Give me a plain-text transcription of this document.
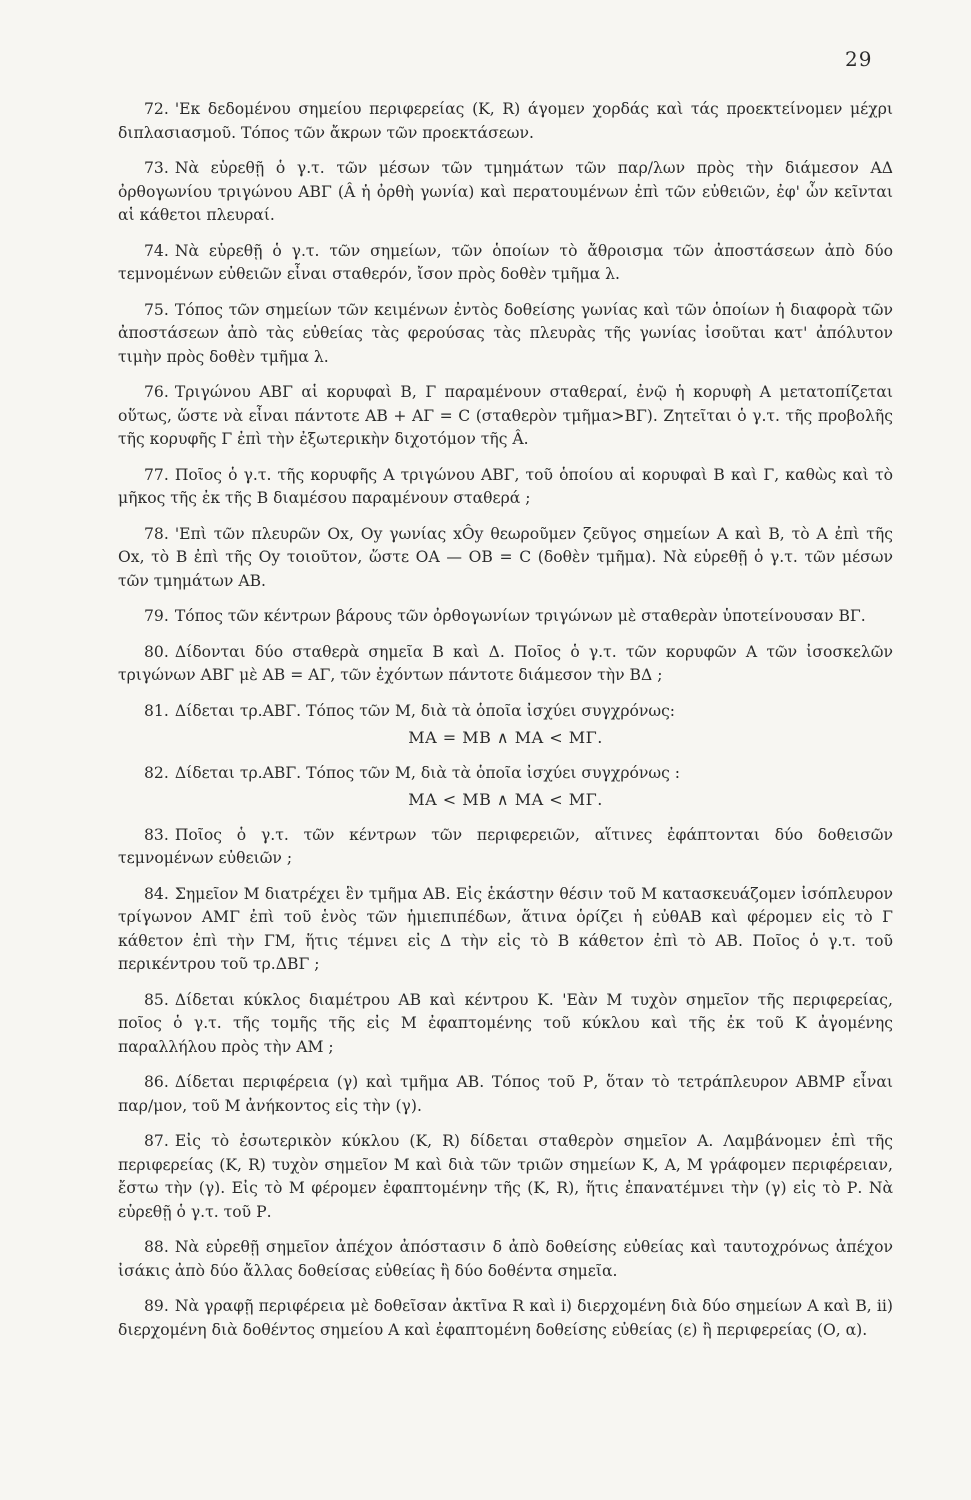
29

72. 'Εκ δεδομένου σημείου περιφερείας (Κ, R) άγομεν χορδάς καὶ τάς προεκτείνομεν μέχρι διπλασιασμοῦ. Τόπος τῶν ἄκρων τῶν προεκτάσεων.

73. Νὰ εὑρεθῇ ὁ γ.τ. τῶν μέσων τῶν τμημάτων τῶν παρ/λων πρὸς τὴν διάμεσον ΑΔ ὀρθογωνίου τριγώνου ΑΒΓ (Â ἡ ὀρθὴ γωνία) καὶ περατουμένων ἐπὶ τῶν εὐθειῶν, ἐφ' ὧν κεῖνται αἱ κάθετοι πλευραί.

74. Νὰ εὑρεθῇ ὁ γ.τ. τῶν σημείων, τῶν ὁποίων τὸ ἄθροισμα τῶν ἀποστάσεων ἀπὸ δύο τεμνομένων εὐθειῶν εἶναι σταθερόν, ἴσον πρὸς δοθὲν τμῆμα λ.

75. Τόπος τῶν σημείων τῶν κειμένων ἐντὸς δοθείσης γωνίας καὶ τῶν ὁποίων ἡ διαφορὰ τῶν ἀποστάσεων ἀπὸ τὰς εὐθείας τὰς φερούσας τὰς πλευρὰς τῆς γωνίας ἰσοῦται κατ' ἀπόλυτον τιμὴν πρὸς δοθὲν τμῆμα λ.

76. Τριγώνου ΑΒΓ αἱ κορυφαὶ Β, Γ παραμένουν σταθεραί, ἐνῷ ἡ κορυφὴ Α μετατοπίζεται οὕτως, ὥστε νὰ εἶναι πάντοτε ΑΒ + ΑΓ = C (σταθερὸν τμῆμα>ΒΓ). Ζητεῖται ὁ γ.τ. τῆς προβολῆς τῆς κορυφῆς Γ ἐπὶ τὴν ἐξωτερικὴν διχοτόμον τῆς Â.

77. Ποῖος ὁ γ.τ. τῆς κορυφῆς Α τριγώνου ΑΒΓ, τοῦ ὁποίου αἱ κορυφαὶ Β καὶ Γ, καθὼς καὶ τὸ μῆκος τῆς ἐκ τῆς Β διαμέσου παραμένουν σταθερά ;

78. 'Επὶ τῶν πλευρῶν Οx, Οy γωνίας xÔy θεωροῦμεν ζεῦγος σημείων Α καὶ Β, τὸ Α ἐπὶ τῆς Οx, τὸ Β ἐπὶ τῆς Οy τοιοῦτον, ὥστε ΟΑ — ΟΒ = C (δοθὲν τμῆμα). Νὰ εὑρεθῇ ὁ γ.τ. τῶν μέσων τῶν τμημάτων ΑΒ.

79. Τόπος τῶν κέντρων βάρους τῶν ὀρθογωνίων τριγώνων μὲ σταθερὰν ὑποτείνουσαν ΒΓ.

80. Δίδονται δύο σταθερὰ σημεῖα Β καὶ Δ. Ποῖος ὁ γ.τ. τῶν κορυφῶν Α τῶν ἰσοσκελῶν τριγώνων ΑΒΓ μὲ ΑΒ = ΑΓ, τῶν ἐχόντων πάντοτε διάμεσον τὴν ΒΔ ;

81. Δίδεται τρ.ΑΒΓ. Τόπος τῶν Μ, διὰ τὰ ὁποῖα ἰσχύει συγχρόνως:
ΜΑ = ΜΒ ∧ ΜΑ < ΜΓ.

82. Δίδεται τρ.ΑΒΓ. Τόπος τῶν Μ, διὰ τὰ ὁποῖα ἰσχύει συγχρόνως :
ΜΑ < ΜΒ ∧ ΜΑ < ΜΓ.

83. Ποῖος ὁ γ.τ. τῶν κέντρων τῶν περιφερειῶν, αἵτινες ἐφάπτονται δύο δοθεισῶν τεμνομένων εὐθειῶν ;

84. Σημεῖον Μ διατρέχει ἓν τμῆμα ΑΒ. Εἰς ἑκάστην θέσιν τοῦ Μ κατασκευάζομεν ἰσόπλευρον τρίγωνον ΑΜΓ ἐπὶ τοῦ ἑνὸς τῶν ἡμιεπιπέδων, ἅτινα ὁρίζει ἡ εὐθΑΒ καὶ φέρομεν εἰς τὸ Γ κάθετον ἐπὶ τὴν ΓΜ, ἥτις τέμνει εἰς Δ τὴν εἰς τὸ Β κάθετον ἐπὶ τὸ ΑΒ. Ποῖος ὁ γ.τ. τοῦ περικέντρου τοῦ τρ.ΔΒΓ ;

85. Δίδεται κύκλος διαμέτρου ΑΒ καὶ κέντρου Κ. 'Εὰν Μ τυχὸν σημεῖον τῆς περιφερείας, ποῖος ὁ γ.τ. τῆς τομῆς τῆς εἰς Μ ἐφαπτομένης τοῦ κύκλου καὶ τῆς ἐκ τοῦ Κ ἀγομένης παραλλήλου πρὸς τὴν ΑΜ ;

86. Δίδεται περιφέρεια (γ) καὶ τμῆμα ΑΒ. Τόπος τοῦ Ρ, ὅταν τὸ τετράπλευρον ΑΒΜΡ εἶναι παρ/μον, τοῦ Μ ἀνήκοντος εἰς τὴν (γ).

87. Εἰς τὸ ἐσωτερικὸν κύκλου (Κ, R) δίδεται σταθερὸν σημεῖον Α. Λαμβάνομεν ἐπὶ τῆς περιφερείας (Κ, R) τυχὸν σημεῖον Μ καὶ διὰ τῶν τριῶν σημείων Κ, Α, Μ γράφομεν περιφέρειαν, ἔστω τὴν (γ). Εἰς τὸ Μ φέρομεν ἐφαπτομένην τῆς (Κ, R), ἥτις ἐπανατέμνει τὴν (γ) εἰς τὸ Ρ. Νὰ εὑρεθῇ ὁ γ.τ. τοῦ Ρ.

88. Νὰ εὑρεθῇ σημεῖον ἀπέχον ἀπόστασιν δ ἀπὸ δοθείσης εὐθείας καὶ ταυτοχρόνως ἀπέχον ἰσάκις ἀπὸ δύο ἄλλας δοθείσας εὐθείας ἢ δύο δοθέντα σημεῖα.

89. Νὰ γραφῇ περιφέρεια μὲ δοθεῖσαν ἀκτῖνα R καὶ i) διερχομένη διὰ δύο σημείων Α καὶ Β, ii) διερχομένη διὰ δοθέντος σημείου Α καὶ ἐφαπτομένη δοθείσης εὐθείας (ε) ἢ περιφερείας (Ο, α).
